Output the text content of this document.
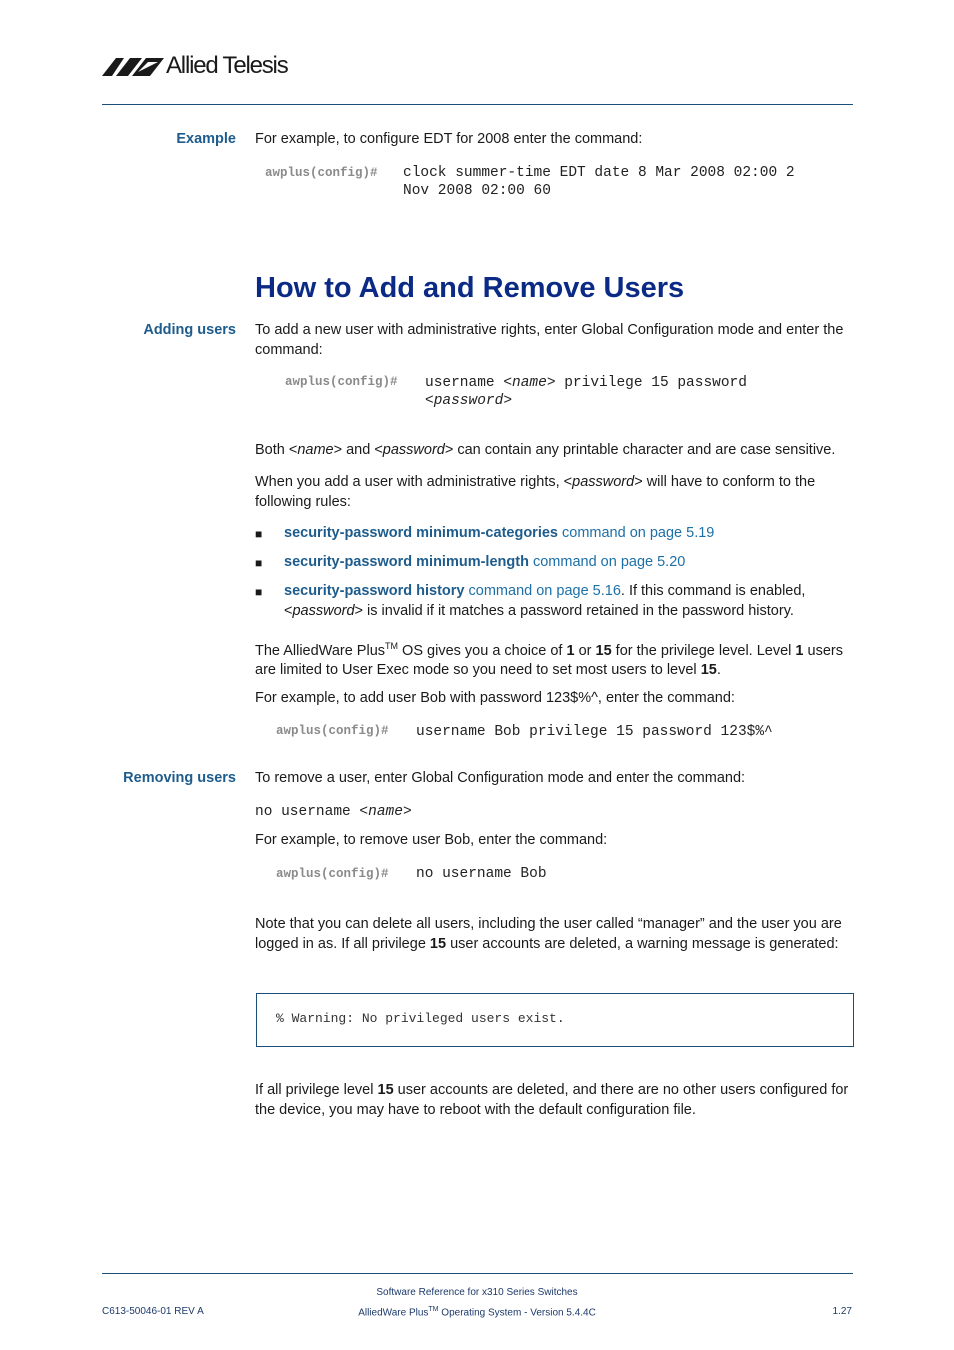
Allied Telesis
Example For example, to configure EDT for 2008 enter the command:
awplus(config)# clock summer-time EDT date 8 Mar 2008 02:00 2
Nov 2008 02:00 60
How to Add and Remove Users
Adding users To add a new user with administrative rights, enter Global Configuration mode and enter the command:
awplus(config)# username <name> privilege 15 password
<password>
Both <name> and <password> can contain any printable character and are case sensitive.
When you add a user with administrative rights, <password> will have to conform to the following rules:
■ security-password minimum-categories command on page 5.19
■ security-password minimum-length command on page 5.20
■ security-password history command on page 5.16. If this command is enabled,
<password> is invalid if it matches a password retained in the password history.
The AlliedWare Plus™ OS gives you a choice of 1 or 15 for the privilege level. Level 1 users are limited to User Exec mode so you need to set most users to level 15.
For example, to add user Bob with password 123$%^, enter the command:
awplus(config)# username Bob privilege 15 password 123$%^
Removing users To remove a user, enter Global Configuration mode and enter the command:
no username <name>
For example, to remove user Bob, enter the command:
awplus(config)# no username Bob
Note that you can delete all users, including the user called “manager” and the user you are logged in as. If all privilege 15 user accounts are deleted, a warning message is generated:
% Warning: No privileged users exist.
If all privilege level 15 user accounts are deleted, and there are no other users configured for the device, you may have to reboot with the default configuration file.
Software Reference for x310 Series Switches
C613-50046-01 REV A	AlliedWare Plus™ Operating System - Version 5.4.4C	1.27
